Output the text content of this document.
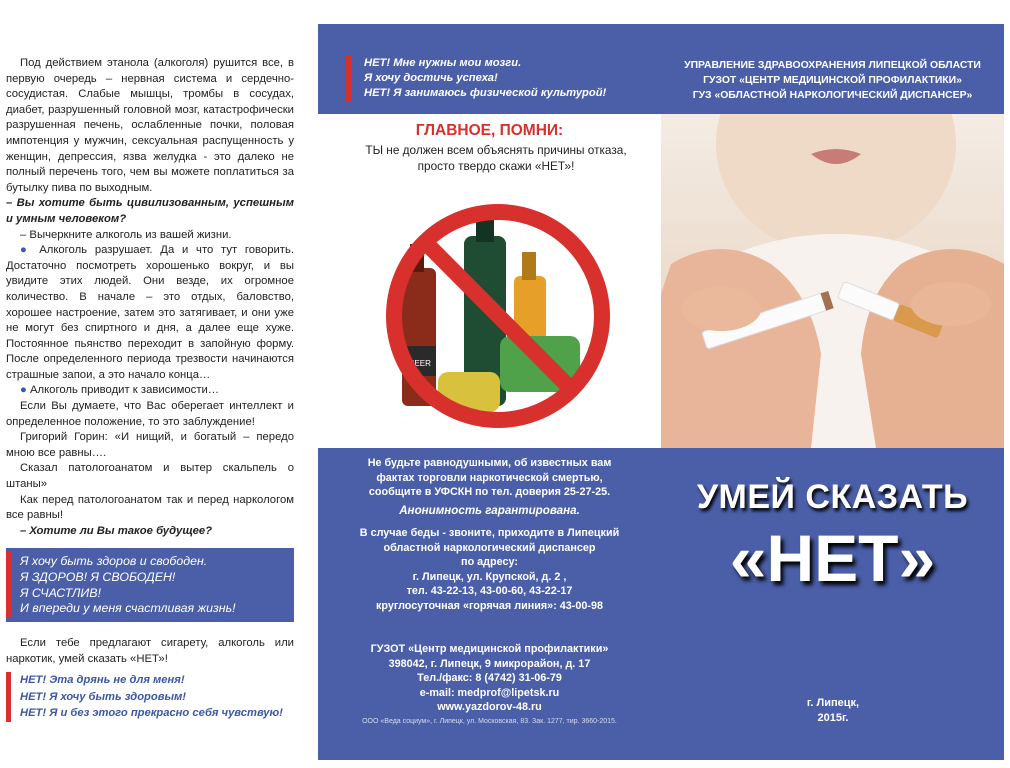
Под действием этанола (алкоголя) рушится все, в первую очередь – нервная система и сердечно-сосудистая. Слабые мышцы, тромбы в сосудах, диабет, разрушенный головной мозг, катастрофически разрушенная печень, ослабленные почки, половая импотенция у мужчин, сексуальная распущенность у женщин, депрессия, язва желудка - это далеко не полный перечень того, чем вы можете поплатиться за бутылку пива по выходным.

– Вы хотите быть цивилизованным, успешным и умным человеком?

– Вычеркните алкоголь из вашей жизни.

● Алкоголь разрушает. Да и что тут говорить. Достаточно посмотреть хорошенько вокруг, и вы увидите этих людей. Они везде, их огромное количество. В начале – это отдых, баловство, хорошее настроение, затем это затягивает, и они уже не могут без спиртного и дня, а далее еще хуже. Постоянное пьянство переходит в запойную форму. После определенного периода трезвости начинаются страшные запои, а это начало конца…

● Алкоголь приводит к зависимости…

Если Вы думаете, что Вас оберегает интеллект и определенное положение, то это заблуждение!

Григорий Горин: «И нищий, и богатый – передо мною все равны….

Сказал патологоанатом и вытер скальпель о штаны»

Как перед патологоанатом так и перед наркологом все равны!

– Хотите ли Вы такое будущее?

Я хочу быть здоров и свободен.
Я ЗДОРОВ! Я СВОБОДЕН!
Я СЧАСТЛИВ!
И впереди у меня счастливая жизнь!
Если тебе предлагают сигарету, алкоголь или наркотик, умей сказать «НЕТ»!
НЕТ! Эта дрянь не для меня!
НЕТ! Я хочу быть здоровым!
НЕТ! Я и без этого прекрасно себя чувствую!
НЕТ! Мне нужны мои мозги.
Я хочу достичь успеха!
НЕТ! Я занимаюсь физической культурой!
УПРАВЛЕНИЕ ЗДРАВООХРАНЕНИЯ ЛИПЕЦКОЙ ОБЛАСТИ
ГУЗОТ «ЦЕНТР МЕДИЦИНСКОЙ ПРОФИЛАКТИКИ»
ГУЗ «ОБЛАСТНОЙ НАРКОЛОГИЧЕСКИЙ ДИСПАНСЕР»
ГЛАВНОЕ, ПОМНИ:
ТЫ не должен всем объяснять причины отказа, просто твердо скажи «НЕТ»!
BEER
Не будьте равнодушными, об известных вам
фактах торговли наркотической смертью,
сообщите в УФСКН по тел. доверия 25-27-25.
Анонимность гарантирована.
В случае беды - звоните, приходите в Липецкий
областной наркологический диспансер
по адресу:
г. Липецк, ул. Крупской, д. 2 ,
тел. 43-22-13, 43-00-60, 43-22-17
круглосуточная «горячая линия»: 43-00-98
ГУЗОТ «Центр медицинской профилактики»
398042, г. Липецк, 9 микрорайон, д. 17
Тел./факс: 8 (4742) 31-06-79
e-mail: medprof@lipetsk.ru
www.yazdorov-48.ru
ООО «Веда социум», г. Липецк, ул. Московская, 83. Зак. 1277, тир. 3660-2015.
УМЕЙ СКАЗАТЬ
«НЕТ»
г. Липецк,
2015г.
